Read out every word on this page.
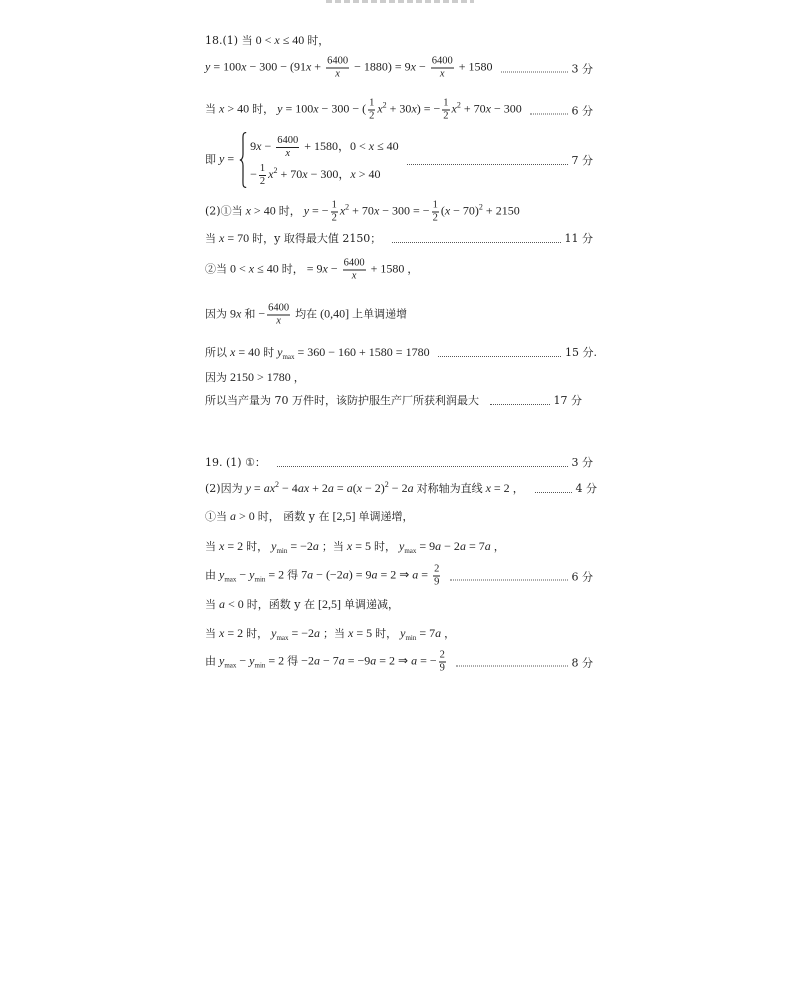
18.(1) 当 0 < x ≤ 40 时，
$y = 100x - 300 - (91x + \frac{6400}{x} - 1880) = 9x - \frac{6400}{x} + 1580$	3 分
当 x > 40 时， y = 100x − 300 − ( $\frac{1}{2} x^2 + 30x$) = − $\frac{1}{2} x^2 + 70x - 300$	6 分
即 y =
$9x - \frac{6400}{x} + 1580$，0 < x ≤ 40
− $\frac{1}{2} x^2 + 70x - 300$，x > 40
7 分
(2)①当 x > 40 时， y = − $\frac{1}{2} x^2 + 70x - 300$ = − $\frac{1}{2} (x - 70)^2 + 2150$
当 x = 70 时，y 取得最大值 2150；	11 分
②当 0 < x ≤ 40 时， = $9x - \frac{6400}{x} + 1580$ ，
因为 9x 和 − $\frac{6400}{x}$ 均在 (0,40] 上单调递增
所以 x = 40 时 $y_{max} = 360 - 160 + 1580 = 1780$	15 分.
因为 2150 > 1780 ，
所以当产量为 70 万件时，该防护服生产厂所获利润最大	17 分
19. (1) ①：	3 分
(2)因为 $y = ax^2 - 4ax + 2a = a(x - 2)^2 - 2a$ 对称轴为直线 x = 2 ，	4 分
①当 a > 0 时， 函数 y 在 [2,5] 单调递增，
当 x = 2 时， $y_{min} = -2a$ ；当 x = 5 时， $y_{max} = 9a - 2a = 7a$ ，
由 $y_{max} - y_{min} = 2$ 得 7a − (−2a) = 9a = 2 ⇒ $a = \frac{2}{9}$	6 分
当 a < 0 时，函数 y 在 [2,5] 单调递减，
当 x = 2 时， $y_{max} = -2a$ ；当 x = 5 时， $y_{min} = 7a$ ，
由 $y_{max} - y_{min} = 2$ 得 −2a − 7a = −9a = 2 ⇒ a = − $\frac{2}{9}$	8 分
